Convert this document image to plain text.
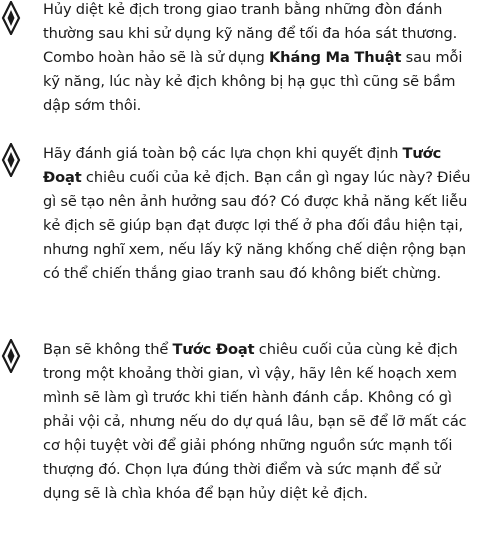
Hủy diệt kẻ địch trong giao tranh bằng những đòn đánh thường sau khi sử dụng kỹ năng để tối đa hóa sát thương. Combo hoàn hảo sẽ là sử dụng Kháng Ma Thuật sau mỗi kỹ năng, lúc này kẻ địch không bị hạ gục thì cũng sẽ bầm dập sớm thôi.

Hãy đánh giá toàn bộ các lựa chọn khi quyết định Tước Đoạt chiêu cuối của kẻ địch. Bạn cần gì ngay lúc này? Điều gì sẽ tạo nên ảnh hưởng sau đó? Có được khả năng kết liễu kẻ địch sẽ giúp bạn đạt được lợi thế ở pha đối đầu hiện tại, nhưng nghĩ xem, nếu lấy kỹ năng khống chế diện rộng bạn có thể chiến thắng giao tranh sau đó không biết chừng.

Bạn sẽ không thể Tước Đoạt chiêu cuối của cùng kẻ địch trong một khoảng thời gian, vì vậy, hãy lên kế hoạch xem mình sẽ làm gì trước khi tiến hành đánh cắp. Không có gì phải vội cả, nhưng nếu do dự quá lâu, bạn sẽ để lỡ mất các cơ hội tuyệt vời để giải phóng những nguồn sức mạnh tối thượng đó. Chọn lựa đúng thời điểm và sức mạnh để sử dụng sẽ là chìa khóa để bạn hủy diệt kẻ địch.
